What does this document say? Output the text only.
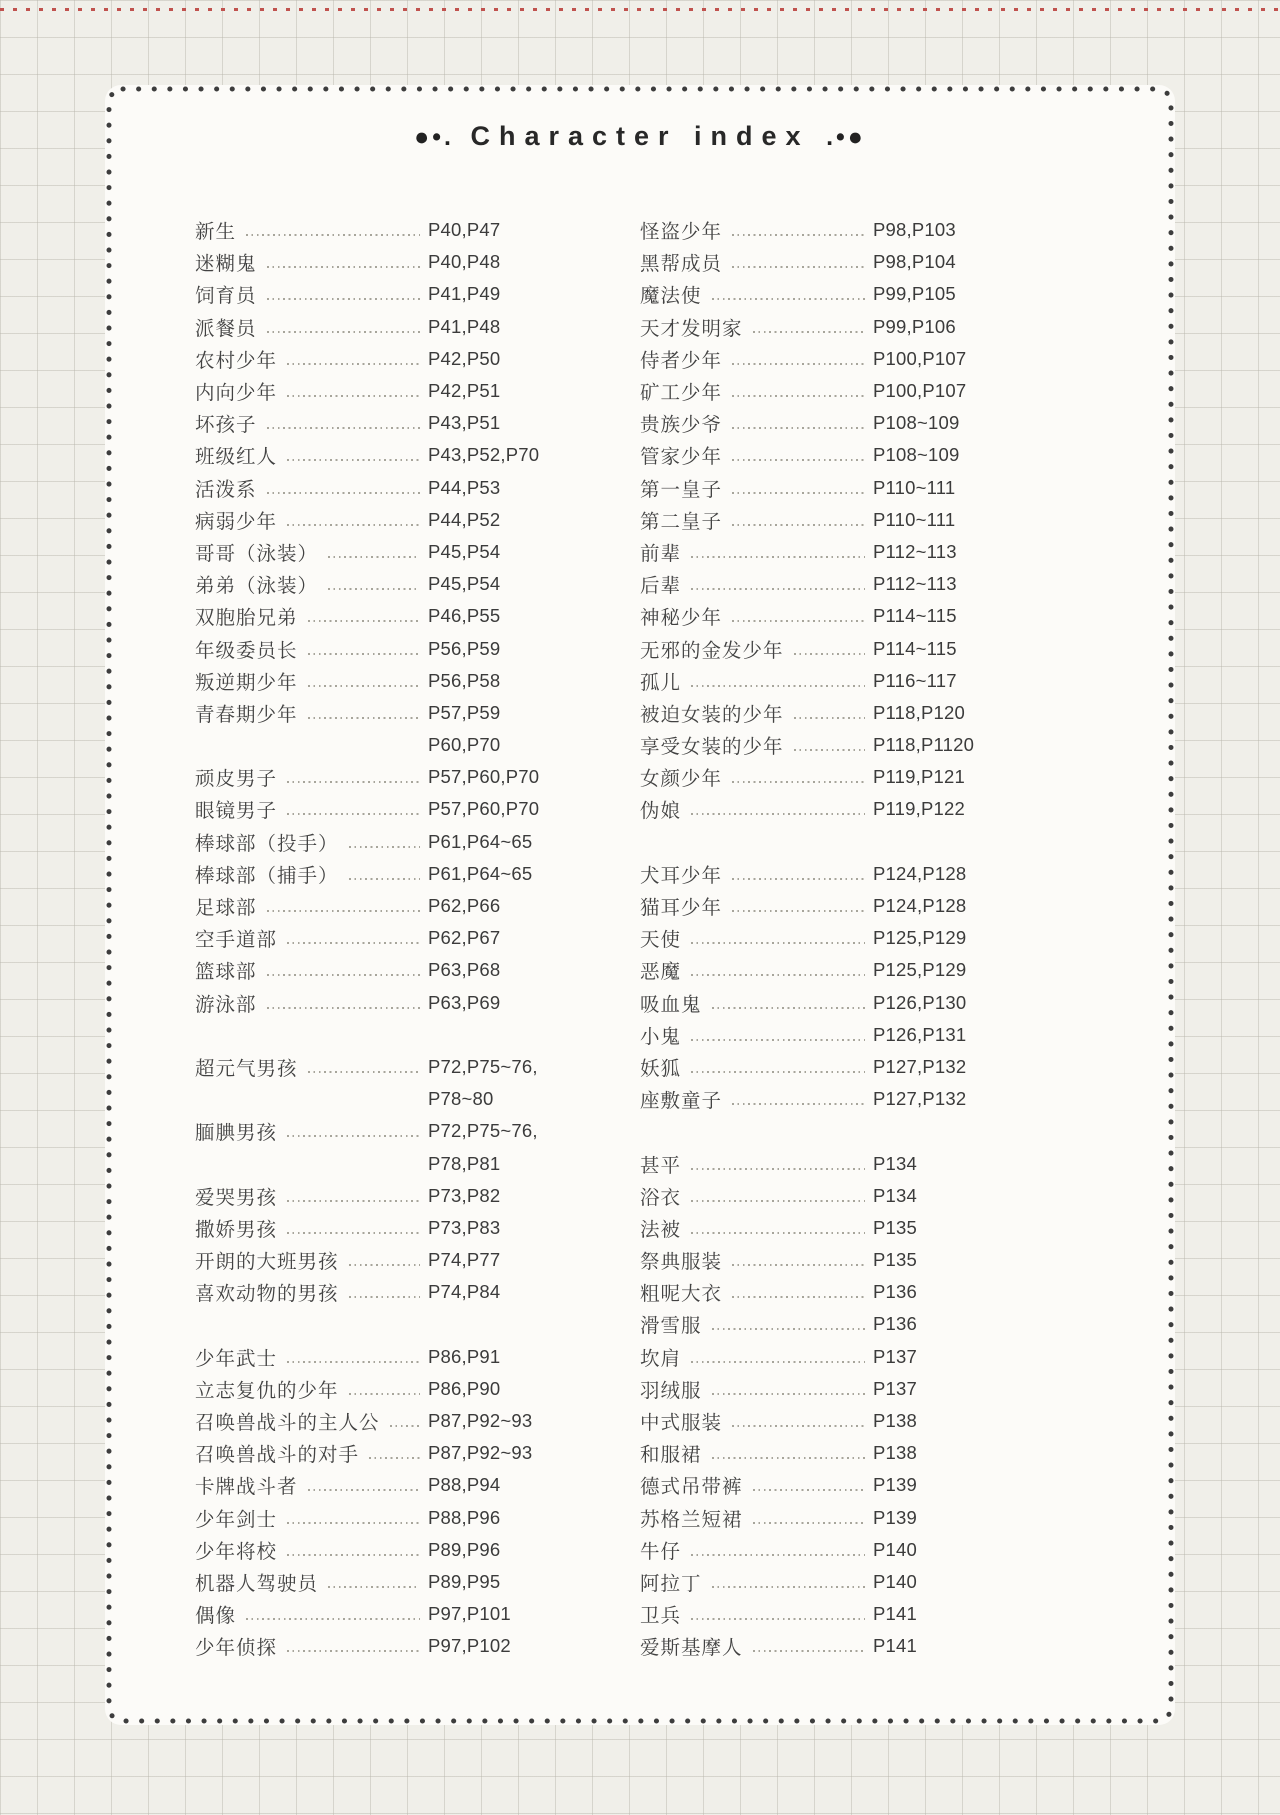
●•. Character index .•●
新生	P40,P47
迷糊鬼	P40,P48
饲育员	P41,P49
派餐员	P41,P48
农村少年	P42,P50
内向少年	P42,P51
坏孩子	P43,P51
班级红人	P43,P52,P70
活泼系	P44,P53
病弱少年	P44,P52
哥哥（泳装）	P45,P54
弟弟（泳装）	P45,P54
双胞胎兄弟	P46,P55
年级委员长	P56,P59
叛逆期少年	P56,P58
青春期少年	P57,P59
P60,P70
顽皮男子	P57,P60,P70
眼镜男子	P57,P60,P70
棒球部（投手）	P61,P64~65
棒球部（捕手）	P61,P64~65
足球部	P62,P66
空手道部	P62,P67
篮球部	P63,P68
游泳部	P63,P69
超元气男孩	P72,P75~76,
P78~80
腼腆男孩	P72,P75~76,
P78,P81
爱哭男孩	P73,P82
撒娇男孩	P73,P83
开朗的大班男孩	P74,P77
喜欢动物的男孩	P74,P84
少年武士	P86,P91
立志复仇的少年	P86,P90
召唤兽战斗的主人公	P87,P92~93
召唤兽战斗的对手	P87,P92~93
卡牌战斗者	P88,P94
少年剑士	P88,P96
少年将校	P89,P96
机器人驾驶员	P89,P95
偶像	P97,P101
少年侦探	P97,P102
怪盗少年	P98,P103
黑帮成员	P98,P104
魔法使	P99,P105
天才发明家	P99,P106
侍者少年	P100,P107
矿工少年	P100,P107
贵族少爷	P108~109
管家少年	P108~109
第一皇子	P110~111
第二皇子	P110~111
前辈	P112~113
后辈	P112~113
神秘少年	P114~115
无邪的金发少年	P114~115
孤儿	P116~117
被迫女装的少年	P118,P120
享受女装的少年	P118,P1120
女颜少年	P119,P121
伪娘	P119,P122
犬耳少年	P124,P128
猫耳少年	P124,P128
天使	P125,P129
恶魔	P125,P129
吸血鬼	P126,P130
小鬼	P126,P131
妖狐	P127,P132
座敷童子	P127,P132
甚平	P134
浴衣	P134
法被	P135
祭典服装	P135
粗呢大衣	P136
滑雪服	P136
坎肩	P137
羽绒服	P137
中式服装	P138
和服裙	P138
德式吊带裤	P139
苏格兰短裙	P139
牛仔	P140
阿拉丁	P140
卫兵	P141
爱斯基摩人	P141
